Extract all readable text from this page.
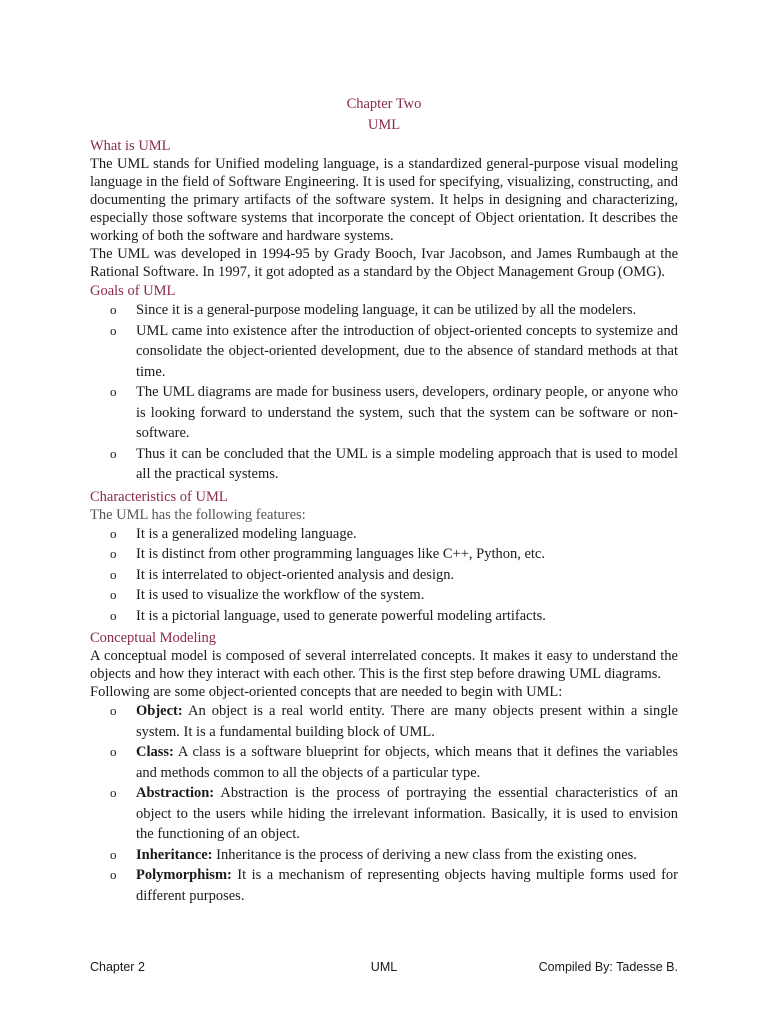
Chapter Two
UML

What is UML

The UML stands for Unified modeling language, is a standardized general-purpose visual modeling language in the field of Software Engineering. It is used for specifying, visualizing, constructing, and documenting the primary artifacts of the software system. It helps in designing and characterizing, especially those software systems that incorporate the concept of Object orientation. It describes the working of both the software and hardware systems.

The UML was developed in 1994-95 by Grady Booch, Ivar Jacobson, and James Rumbaugh at the Rational Software. In 1997, it got adopted as a standard by the Object Management Group (OMG).

Goals of UML

o Since it is a general-purpose modeling language, it can be utilized by all the modelers.
o UML came into existence after the introduction of object-oriented concepts to systemize and consolidate the object-oriented development, due to the absence of standard methods at that time.
o The UML diagrams are made for business users, developers, ordinary people, or anyone who is looking forward to understand the system, such that the system can be software or non-software.
o Thus it can be concluded that the UML is a simple modeling approach that is used to model all the practical systems.

Characteristics of UML

The UML has the following features:

o It is a generalized modeling language.
o It is distinct from other programming languages like C++, Python, etc.
o It is interrelated to object-oriented analysis and design.
o It is used to visualize the workflow of the system.
o It is a pictorial language, used to generate powerful modeling artifacts.

Conceptual Modeling

A conceptual model is composed of several interrelated concepts. It makes it easy to understand the objects and how they interact with each other. This is the first step before drawing UML diagrams.

Following are some object-oriented concepts that are needed to begin with UML:

o Object: An object is a real world entity. There are many objects present within a single system. It is a fundamental building block of UML.
o Class: A class is a software blueprint for objects, which means that it defines the variables and methods common to all the objects of a particular type.
o Abstraction: Abstraction is the process of portraying the essential characteristics of an object to the users while hiding the irrelevant information. Basically, it is used to envision the functioning of an object.
o Inheritance: Inheritance is the process of deriving a new class from the existing ones.
o Polymorphism: It is a mechanism of representing objects having multiple forms used for different purposes.
UML
Chapter 2	Compiled By: Tadesse B.
